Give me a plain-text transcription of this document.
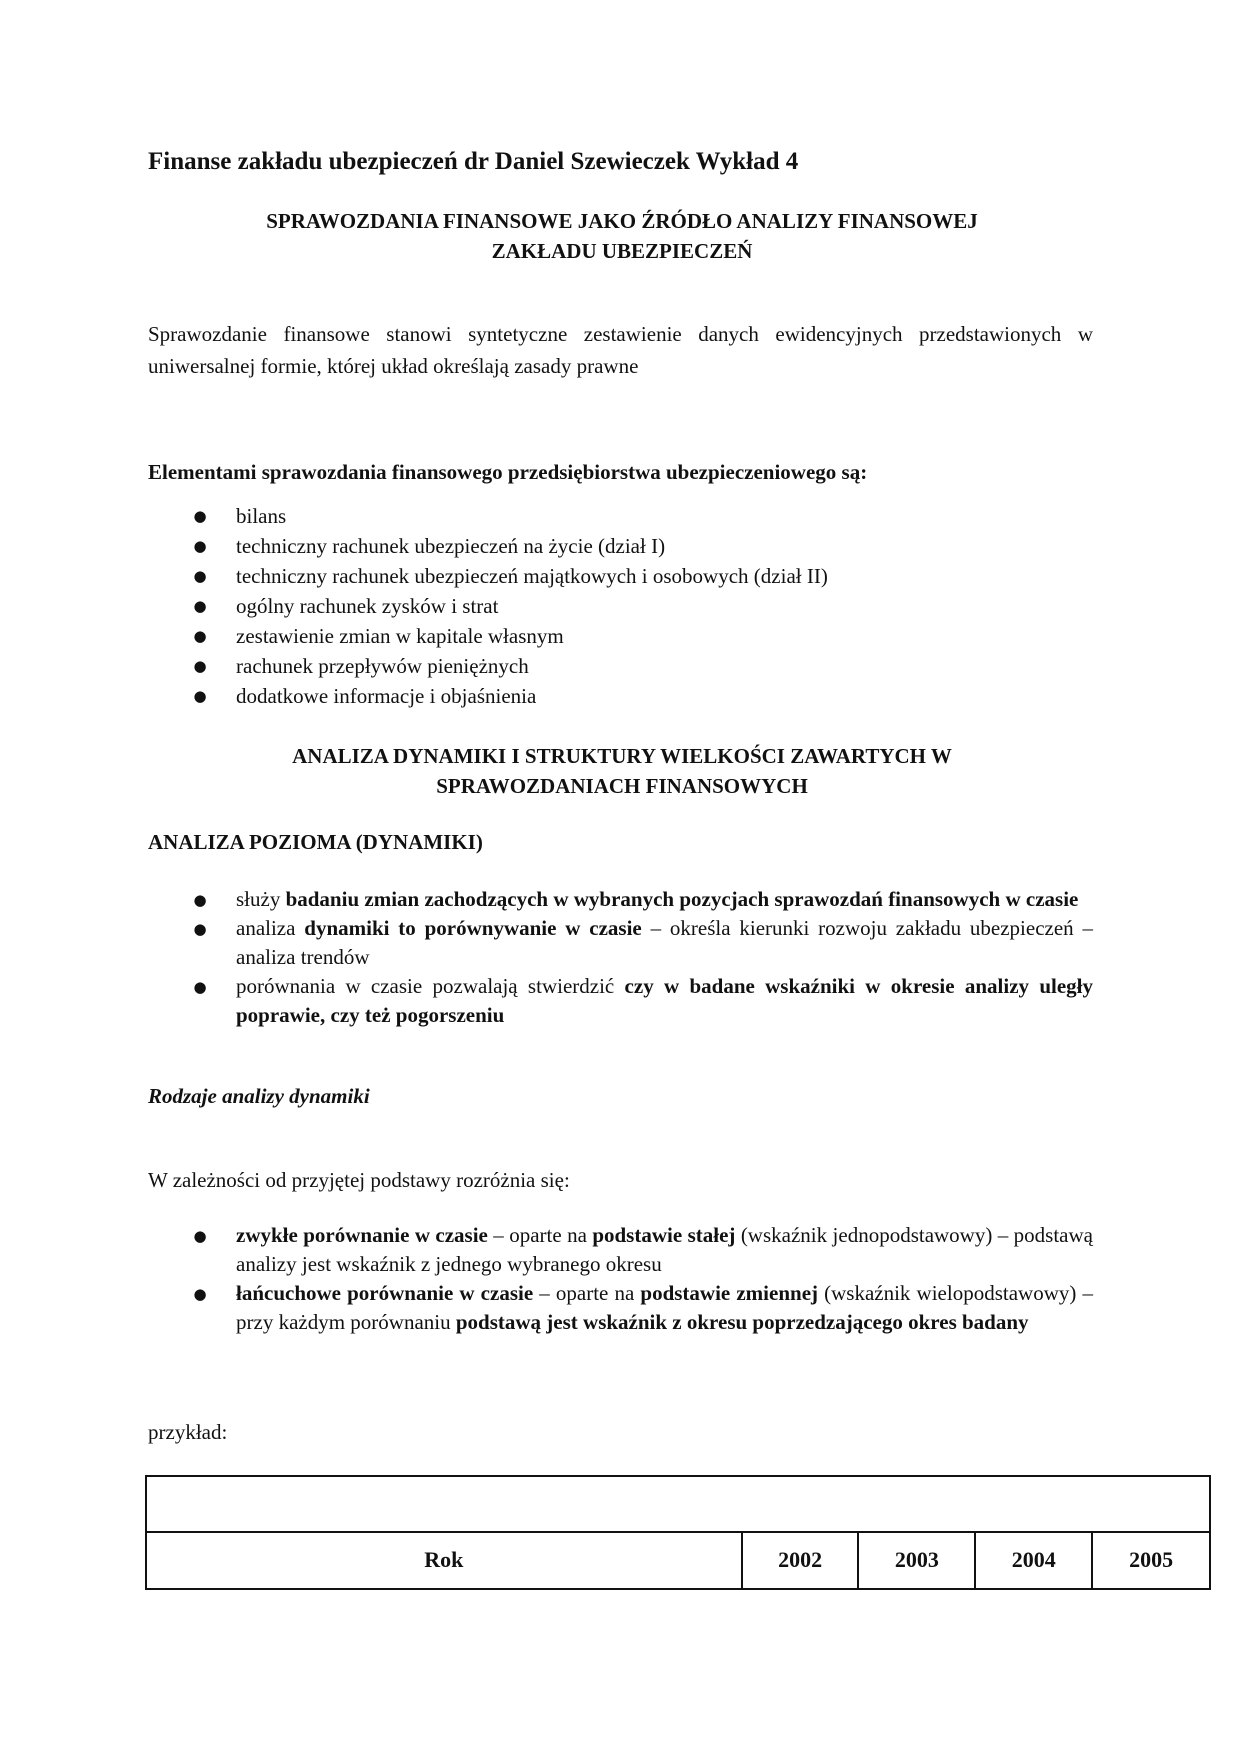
Finanse zakładu ubezpieczeń dr Daniel Szewieczek Wykład 4
SPRAWOZDANIA FINANSOWE JAKO ŹRÓDŁO ANALIZY FINANSOWEJ
ZAKŁADU UBEZPIECZEŃ

Sprawozdanie finansowe stanowi syntetyczne zestawienie danych ewidencyjnych przedstawionych w uniwersalnej formie, której układ określają zasady prawne

Elementami sprawozdania finansowego przedsiębiorstwa ubezpieczeniowego są:

● bilans
● techniczny rachunek ubezpieczeń na życie (dział I)
● techniczny rachunek ubezpieczeń majątkowych i osobowych (dział II)
● ogólny rachunek zysków i strat
● zestawienie zmian w kapitale własnym
● rachunek przepływów pieniężnych
● dodatkowe informacje i objaśnienia
ANALIZA DYNAMIKI I STRUKTURY WIELKOŚCI ZAWARTYCH W
SPRAWOZDANIACH FINANSOWYCH

ANALIZA POZIOMA (DYNAMIKI)

● służy badaniu zmian zachodzących w wybranych pozycjach sprawozdań finansowych w czasie
● analiza dynamiki to porównywanie w czasie – określa kierunki rozwoju zakładu ubezpieczeń – analiza trendów
● porównania w czasie pozwalają stwierdzić czy w badane wskaźniki w okresie analizy uległy poprawie, czy też pogorszeniu

Rodzaje analizy dynamiki

W zależności od przyjętej podstawy rozróżnia się:

● zwykłe porównanie w czasie – oparte na podstawie stałej (wskaźnik jednopodstawowy) – podstawą analizy jest wskaźnik z jednego wybranego okresu
● łańcuchowe porównanie w czasie – oparte na podstawie zmiennej (wskaźnik wielopodstawowy) – przy każdym porównaniu podstawą jest wskaźnik z okresu poprzedzającego okres badany

przykład:

Rok	2002	2003	2004	2005
